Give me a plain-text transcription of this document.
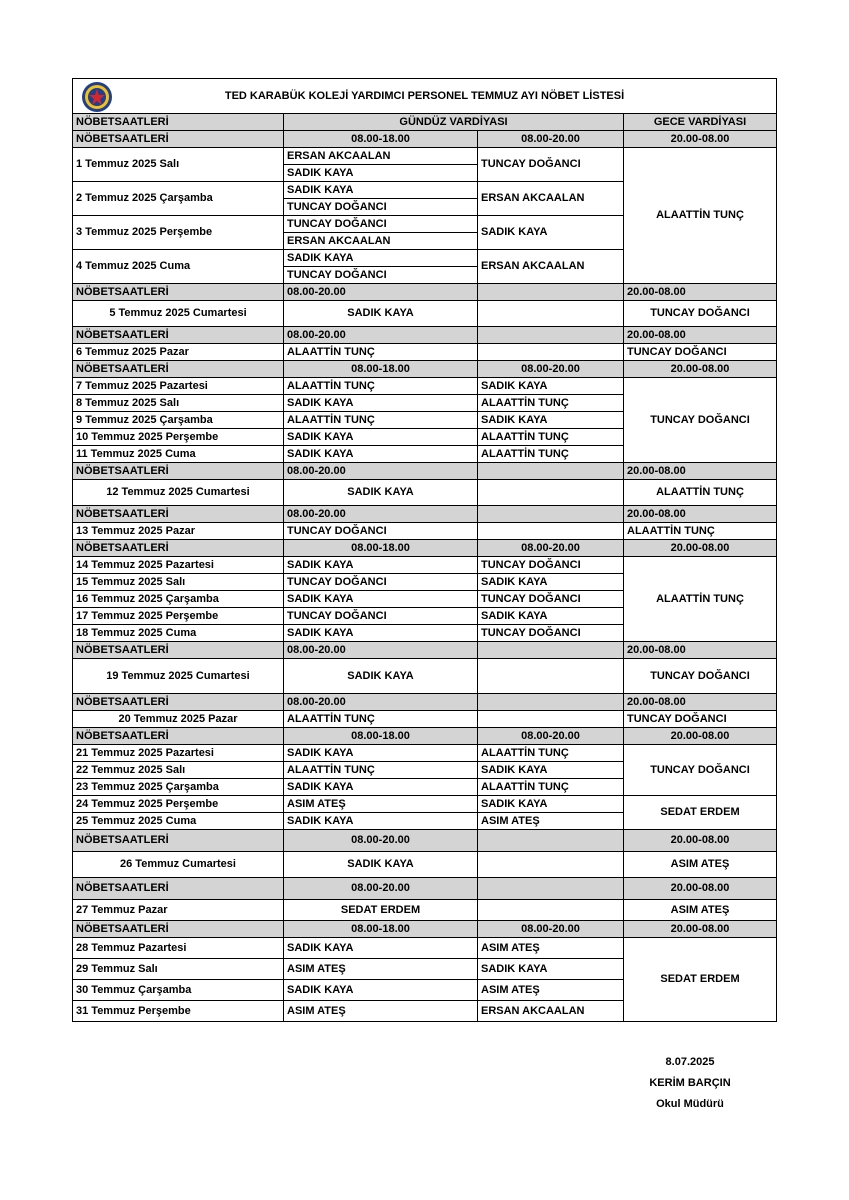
TED KARABÜK KOLEJİ YARDIMCI PERSONEL TEMMUZ AYI NÖBET LİSTESİ			

NÖBETSAATLERİ	GÜNDÜZ VARDİYASI		GECE VARDİYASI
NÖBETSAATLERİ	08.00-18.00	08.00-20.00	20.00-08.00
1 Temmuz 2025 Salı	ERSAN AKCAALAN	TUNCAY DOĞANCI	ALAATTİN TUNÇ
	SADIK KAYA		
2 Temmuz 2025 Çarşamba	SADIK KAYA	ERSAN AKCAALAN	
	TUNCAY DOĞANCI		
3 Temmuz 2025 Perşembe	TUNCAY DOĞANCI	SADIK KAYA	
	ERSAN AKCAALAN		
4 Temmuz 2025 Cuma	SADIK KAYA	ERSAN AKCAALAN	
	TUNCAY DOĞANCI		
NÖBETSAATLERİ	08.00-20.00		20.00-08.00
5 Temmuz 2025 Cumartesi	SADIK KAYA		TUNCAY DOĞANCI
NÖBETSAATLERİ	08.00-20.00		20.00-08.00
6 Temmuz 2025 Pazar	ALAATTİN TUNÇ		TUNCAY DOĞANCI
NÖBETSAATLERİ	08.00-18.00	08.00-20.00	20.00-08.00
7 Temmuz 2025 Pazartesi	ALAATTİN TUNÇ	SADIK KAYA	TUNCAY DOĞANCI
8 Temmuz 2025 Salı	SADIK KAYA	ALAATTİN TUNÇ	
9 Temmuz 2025 Çarşamba	ALAATTİN TUNÇ	SADIK KAYA	
10 Temmuz 2025 Perşembe	SADIK KAYA	ALAATTİN TUNÇ	
11 Temmuz 2025 Cuma	SADIK KAYA	ALAATTİN TUNÇ	
NÖBETSAATLERİ	08.00-20.00		20.00-08.00
12 Temmuz 2025 Cumartesi	SADIK KAYA		ALAATTİN TUNÇ
NÖBETSAATLERİ	08.00-20.00		20.00-08.00
13 Temmuz 2025 Pazar	TUNCAY DOĞANCI		ALAATTİN TUNÇ
NÖBETSAATLERİ	08.00-18.00	08.00-20.00	20.00-08.00
14 Temmuz 2025 Pazartesi	SADIK KAYA	TUNCAY DOĞANCI	ALAATTİN TUNÇ
15 Temmuz 2025 Salı	TUNCAY DOĞANCI	SADIK KAYA	
16 Temmuz 2025 Çarşamba	SADIK KAYA	TUNCAY DOĞANCI	
17 Temmuz 2025 Perşembe	TUNCAY DOĞANCI	SADIK KAYA	
18 Temmuz 2025 Cuma	SADIK KAYA	TUNCAY DOĞANCI	
NÖBETSAATLERİ	08.00-20.00		20.00-08.00
19 Temmuz 2025 Cumartesi	SADIK KAYA		TUNCAY DOĞANCI
NÖBETSAATLERİ	08.00-20.00		20.00-08.00
20 Temmuz 2025 Pazar	ALAATTİN TUNÇ		TUNCAY DOĞANCI
NÖBETSAATLERİ	08.00-18.00	08.00-20.00	20.00-08.00
21 Temmuz 2025 Pazartesi	SADIK KAYA	ALAATTİN TUNÇ	TUNCAY DOĞANCI
22 Temmuz 2025 Salı	ALAATTİN TUNÇ	SADIK KAYA	
23 Temmuz 2025 Çarşamba	SADIK KAYA	ALAATTİN TUNÇ	
24 Temmuz 2025 Perşembe	ASIM ATEŞ	SADIK KAYA	SEDAT ERDEM
25 Temmuz 2025 Cuma	SADIK KAYA	ASIM ATEŞ	
NÖBETSAATLERİ	08.00-20.00		20.00-08.00
26 Temmuz Cumartesi	SADIK KAYA		ASIM ATEŞ
NÖBETSAATLERİ	08.00-20.00		20.00-08.00
27 Temmuz Pazar	SEDAT ERDEM		ASIM ATEŞ
NÖBETSAATLERİ	08.00-18.00	08.00-20.00	20.00-08.00
28 Temmuz Pazartesi	SADIK KAYA	ASIM ATEŞ	SEDAT ERDEM
29 Temmuz Salı	ASIM ATEŞ	SADIK KAYA	
30 Temmuz Çarşamba	SADIK KAYA	ASIM ATEŞ	
31 Temmuz Perşembe	ASIM ATEŞ	ERSAN AKCAALAN	
8.07.2025
KERİM BARÇIN
Okul Müdürü
